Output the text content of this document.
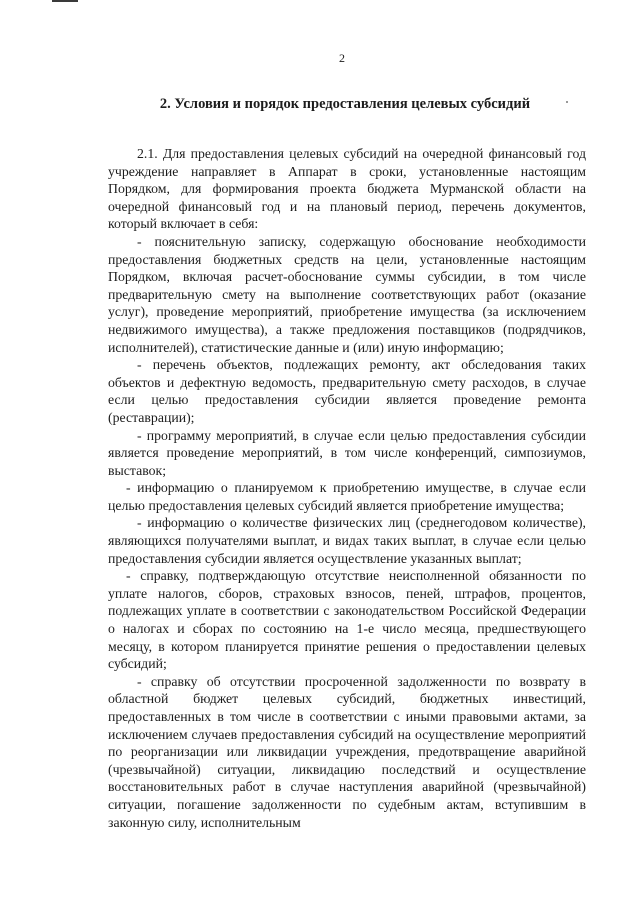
2
2. Условия и порядок предоставления целевых субсидий

2.1. Для предоставления целевых субсидий на очередной финансовый год учреждение направляет в Аппарат в сроки, установленные настоящим Порядком, для формирования проекта бюджета Мурманской области на очередной финансовый год и на плановый период, перечень документов, который включает в себя:

- пояснительную записку, содержащую обоснование необходимости предоставления бюджетных средств на цели, установленные настоящим Порядком, включая расчет-обоснование суммы субсидии, в том числе предварительную смету на выполнение соответствующих работ (оказание услуг), проведение мероприятий, приобретение имущества (за исключением недвижимого имущества), а также предложения поставщиков (подрядчиков, исполнителей), статистические данные и (или) иную информацию;

- перечень объектов, подлежащих ремонту, акт обследования таких объектов и дефектную ведомость, предварительную смету расходов, в случае если целью предоставления субсидии является проведение ремонта (реставрации);

- программу мероприятий, в случае если целью предоставления субсидии является проведение мероприятий, в том числе конференций, симпозиумов, выставок;

- информацию о планируемом к приобретению имуществе, в случае если целью предоставления целевых субсидий является приобретение имущества;

- информацию о количестве физических лиц (среднегодовом количестве), являющихся получателями выплат, и видах таких выплат, в случае если целью предоставления субсидии является осуществление указанных выплат;

- справку, подтверждающую отсутствие неисполненной обязанности по уплате налогов, сборов, страховых взносов, пеней, штрафов, процентов, подлежащих уплате в соответствии с законодательством Российской Федерации о налогах и сборах по состоянию на 1-е число месяца, предшествующего месяцу, в котором планируется принятие решения о предоставлении целевых субсидий;

- справку об отсутствии просроченной задолженности по возврату в областной бюджет целевых субсидий, бюджетных инвестиций, предоставленных в том числе в соответствии с иными правовыми актами, за исключением случаев предоставления субсидий на осуществление мероприятий по реорганизации или ликвидации учреждения, предотвращение аварийной (чрезвычайной) ситуации, ликвидацию последствий и осуществление восстановительных работ в случае наступления аварийной (чрезвычайной) ситуации, погашение задолженности по судебным актам, вступившим в законную силу, исполнительным
